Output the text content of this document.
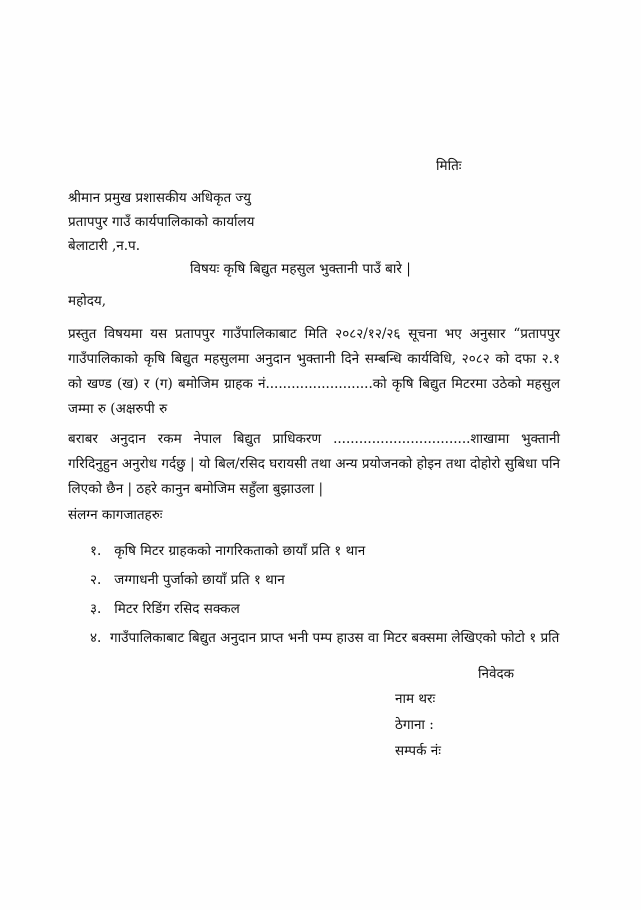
मितिः
श्रीमान प्रमुख प्रशासकीय अधिकृत ज्यु
प्रतापपुर गाउँ कार्यपालिकाको कार्यालय
बेलाटारी ,न.प.
विषयः कृषि बिद्युत महसुल भुक्तानी पाउँ बारे |
महोदय,

प्रस्तुत विषयमा यस प्रतापपुर गाउँपालिकाबाट मिति २०८२/१२/२६ सूचना भए अनुसार “प्रतापपुर गाउँपालिकाको कृषि बिद्युत महसुलमा अनुदान भुक्तानी दिने सम्बन्धि कार्यविधि, २०८२ को दफा २.१ को खण्ड (ख) र (ग) बमोजिम ग्राहक नं.........................को कृषि बिद्युत मिटरमा उठेको महसुल जम्मा रु (अक्षरुपी रु

बराबर अनुदान रकम नेपाल बिद्युत प्राधिकरण ................................शाखामा भुक्तानी गरिदिनुहुन अनुरोध गर्दछु | यो बिल/रसिद घरायसी तथा अन्य प्रयोजनको होइन तथा दोहोरो सुबिधा पनि लिएको छैन | ठहरे कानुन बमोजिम सहुँला बुझाउला |

संलग्न कागजातहरुः
१. कृषि मिटर ग्राहकको नागरिकताको छायाँ प्रति १ थान
२. जग्गाधनी पुर्जाको छायाँ प्रति १ थान
३. मिटर रिडिंग रसिद सक्कल
४. गाउँपालिकाबाट बिद्युत अनुदान प्राप्त भनी पम्प हाउस वा मिटर बक्समा लेखिएको फोटो १ प्रति
निवेदक
नाम थरः
ठेगाना :
सम्पर्क नंः
